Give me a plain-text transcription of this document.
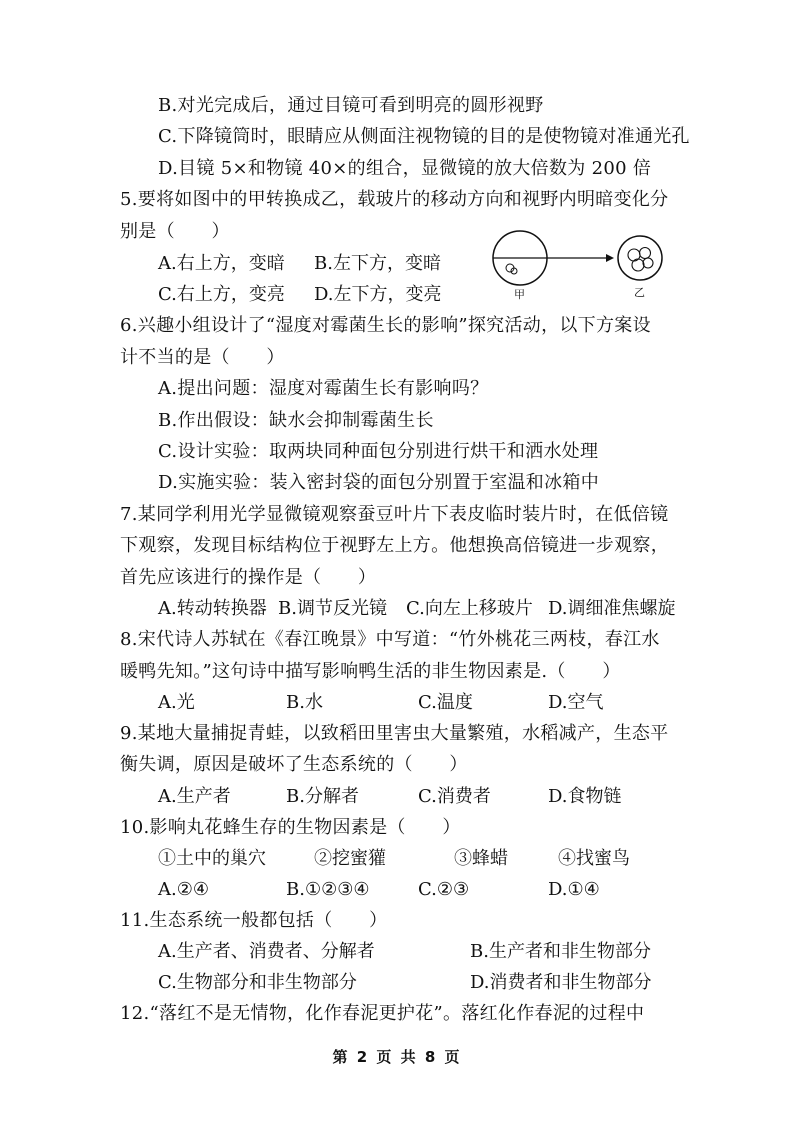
B.对光完成后，通过目镜可看到明亮的圆形视野
C.下降镜筒时，眼睛应从侧面注视物镜的目的是使物镜对准通光孔
D.目镜 5×和物镜 40×的组合，显微镜的放大倍数为 200 倍
5.要将如图中的甲转换成乙，载玻片的移动方向和视野内明暗变化分
别是（　　）
A.右上方，变暗 B.左下方，变暗
C.右上方，变亮 D.左下方，变亮	甲	乙
6.兴趣小组设计了“湿度对霉菌生长的影响”探究活动，以下方案设
计不当的是（　　）
A.提出问题：湿度对霉菌生长有影响吗？
B.作出假设：缺水会抑制霉菌生长
C.设计实验：取两块同种面包分别进行烘干和洒水处理
D.实施实验：装入密封袋的面包分别置于室温和冰箱中
7.某同学利用光学显微镜观察蚕豆叶片下表皮临时装片时，在低倍镜
下观察，发现目标结构位于视野左上方。他想换高倍镜进一步观察，
首先应该进行的操作是（　　）
A.转动转换器 B.调节反光镜 C.向左上移玻片 D.调细准焦螺旋
8.宋代诗人苏轼在《春江晚景》中写道：“竹外桃花三两枝，春江水
暖鸭先知。”这句诗中描写影响鸭生活的非生物因素是.（　　）
A.光	B.水	C.温度	D.空气
9.某地大量捕捉青蛙，以致稻田里害虫大量繁殖，水稻减产，生态平
衡失调，原因是破坏了生态系统的（　　）
A.生产者	B.分解者	C.消费者	D.食物链
10.影响丸花蜂生存的生物因素是（　　）
①土中的巢穴	②挖蜜獾	③蜂蜡	④找蜜鸟
A.②④	B.①②③④	C.②③	D.①④
11.生态系统一般都包括（　　）
A.生产者、消费者、分解者	B.生产者和非生物部分
C.生物部分和非生物部分	D.消费者和非生物部分
12.“落红不是无情物，化作春泥更护花”。落红化作春泥的过程中
第 2 页 共 8 页
